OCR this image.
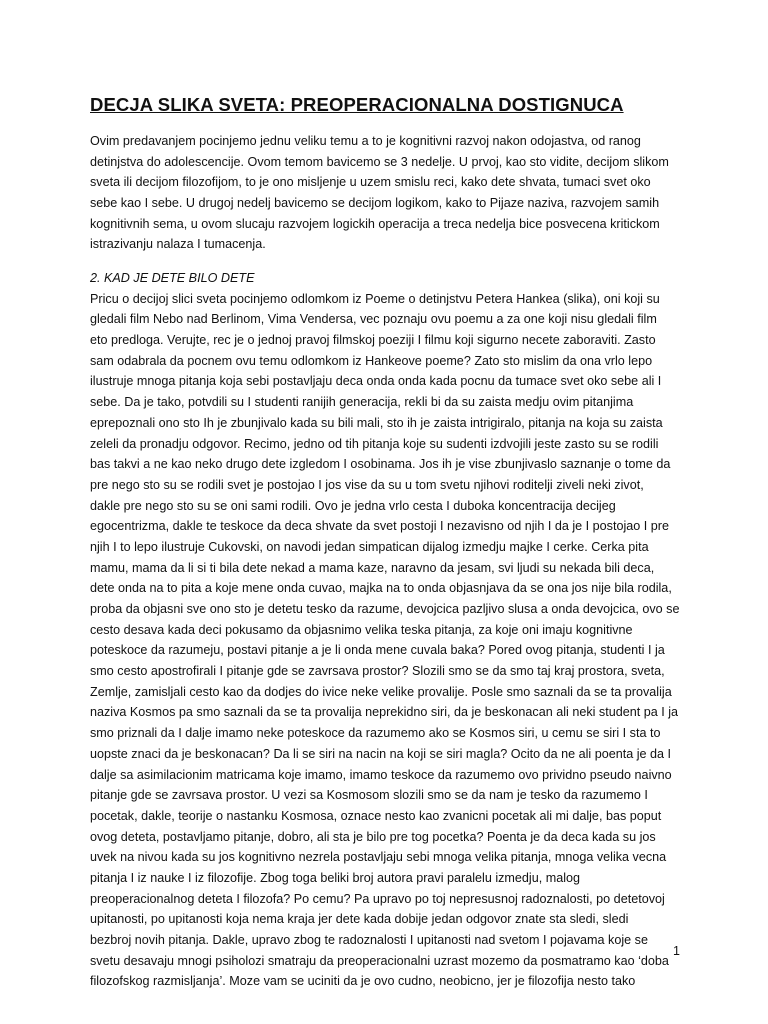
DECJA SLIKA SVETA: PREOPERACIONALNA DOSTIGNUCA
Ovim predavanjem pocinjemo jednu veliku temu a to je kognitivni razvoj nakon odojastva, od ranog
detinjstva do adolescencije. Ovom temom bavicemo se 3 nedelje. U prvoj, kao sto vidite, decijom slikom
sveta ili decijom filozofijom, to je ono misljenje u uzem smislu reci, kako dete shvata, tumaci svet oko
sebe kao I sebe. U drugoj nedelj bavicemo se decijom logikom, kako to Pijaze naziva, razvojem samih
kognitivnih sema, u ovom slucaju razvojem logickih operacija a treca nedelja bice posvecena kritickom
istrazivanju nalaza I tumacenja.
2. KAD JE DETE BILO DETE
Pricu o decijoj slici sveta pocinjemo odlomkom iz Poeme o detinjstvu Petera Hankea (slika), oni koji su
gledali film Nebo nad Berlinom, Vima Vendersa, vec poznaju ovu poemu a za one koji nisu gledali film
eto predloga. Verujte, rec je o jednoj pravoj filmskoj poeziji I filmu koji sigurno necete zaboraviti. Zasto
sam odabrala da pocnem ovu temu odlomkom iz Hankeove poeme? Zato sto mislim da ona vrlo lepo
ilustruje mnoga pitanja koja sebi postavljaju deca onda onda kada pocnu da tumace svet oko sebe ali I
sebe. Da je tako, potvdili su I studenti ranijih generacija, rekli bi da su zaista medju ovim pitanjima
eprepoznali ono sto Ih je zbunjivalo kada su bili mali, sto ih je zaista intrigiralo, pitanja na koja su zaista
zeleli da pronadju odgovor. Recimo, jedno od tih pitanja koje su sudenti izdvojili jeste zasto su se rodili
bas takvi a ne kao neko drugo dete izgledom I osobinama. Jos ih je vise zbunjivaslo saznanje o tome da
pre nego sto su se rodili svet je postojao I jos vise da su u tom svetu njihovi roditelji ziveli neki zivot,
dakle pre nego sto su se oni sami rodili. Ovo je jedna vrlo cesta I duboka koncentracija decijeg
egocentrizma, dakle te teskoce da deca shvate da svet postoji I nezavisno od njih I da je I postojao I pre
njih I to lepo ilustruje Cukovski, on navodi jedan simpatican dijalog izmedju majke I cerke. Cerka pita
mamu, mama da li si ti bila dete nekad a mama kaze, naravno da jesam, svi ljudi su nekada bili deca,
dete onda na to pita a koje mene onda cuvao, majka na to onda objasnjava da se ona jos nije bila rodila,
proba da objasni sve ono sto je detetu tesko da razume, devojcica pazljivo slusa a onda devojcica, ovo se
cesto desava kada deci pokusamo da objasnimo velika teska pitanja, za koje oni imaju kognitivne
poteskoce da razumeju, postavi pitanje a je li onda mene cuvala baka? Pored ovog pitanja, studenti I ja
smo cesto apostrofirali I pitanje gde se zavrsava prostor? Slozili smo se da smo taj kraj prostora, sveta,
Zemlje, zamisljali cesto kao da dodjes do ivice neke velike provalije. Posle smo saznali da se ta provalija
naziva Kosmos pa smo saznali da se ta provalija neprekidno siri, da je beskonacan ali neki student pa I ja
smo priznali da I dalje imamo neke poteskoce da razumemo ako se Kosmos siri, u cemu se siri I sta to
uopste znaci da je beskonacan? Da li se siri na nacin na koji se siri magla? Ocito da ne ali poenta je da I
dalje sa asimilacionim matricama koje imamo, imamo teskoce da razumemo ovo prividno pseudo naivno
pitanje gde se zavrsava prostor. U vezi sa Kosmosom slozili smo se da nam je tesko da razumemo I
pocetak, dakle, teorije o nastanku Kosmosa, oznace nesto kao zvanicni pocetak ali mi dalje, bas poput
ovog deteta, postavljamo pitanje, dobro, ali sta je bilo pre tog pocetka? Poenta je da deca kada su jos
uvek na nivou kada su jos kognitivno nezrela postavljaju sebi mnoga velika pitanja, mnoga velika vecna
pitanja I iz nauke I iz filozofije. Zbog toga beliki broj autora pravi paralelu izmedju, malog
preoperacionalnog deteta I filozofa? Po cemu? Pa upravo po toj nepresusnoj radoznalosti, po detetovoj
upitanosti, po upitanosti koja nema kraja jer dete kada dobije jedan odgovor znate sta sledi, sledi
bezbroj novih pitanja. Dakle, upravo zbog te radoznalosti I upitanosti nad svetom I pojavama koje se
svetu desavaju mnogi psiholozi smatraju da preoperacionalni uzrast mozemo da posmatramo kao ‘doba
filozofskog razmisljanja’. Moze vam se uciniti da je ovo cudno, neobicno, jer je filozofija nesto tako
1
